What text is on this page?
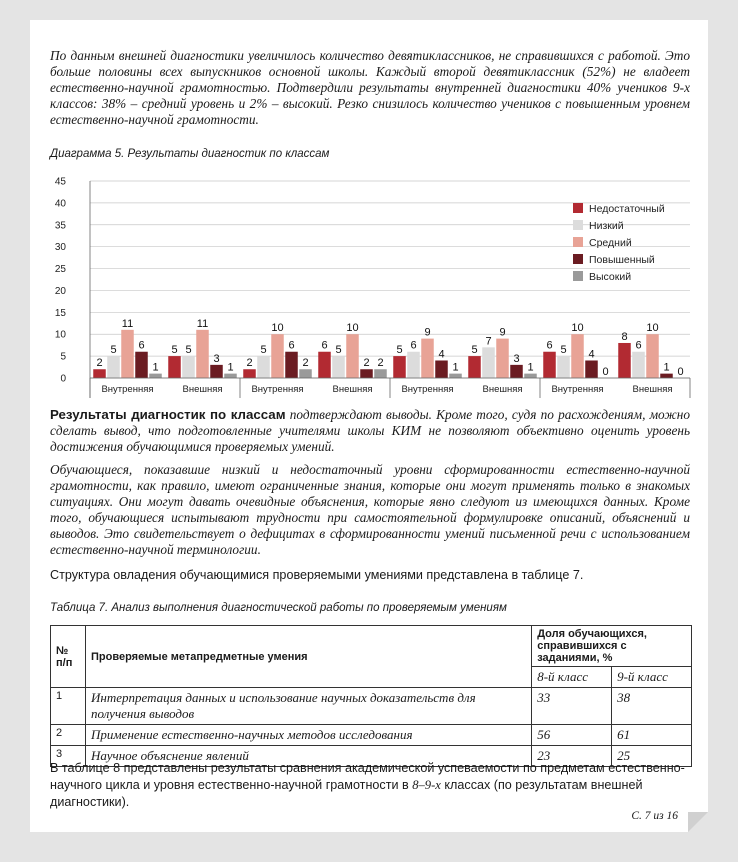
По данным внешней диагностики увеличилось количество девятиклассников, не справившихся с работой. Это больше половины всех выпускников основной школы. Каждый второй девятиклассник (52%) не владеет естественно-научной грамотностью. Подтвердили результаты внутренней диагностики 40% учеников 9-х классов: 38% – средний уровень и 2% – высокий. Резко снизилось количество учеников с повышенным уровнем естественно-научной грамотности.

Диаграмма 5. Результаты диагностик по классам

0
5
10
15
20
25
30
35
40
45
2
5
11
6
1
5 5
11
3
1 2
5
10
6
2
6 5
10
2 2
5 6
9
4
1
5
7
9
3
1
6 5
10
4
0
8
6
10
1 0
Внутренняя	Внешняя	Внутренняя	Внешняя	Внутренняя	Внешняя	Внутренняя	Внешняя
Недостаточный
Низкий
Средний
Повышенный
Высокий

Результаты диагностик по классам подтверждают выводы. Кроме того, судя по расхождениям, можно сделать вывод, что подготовленные учителями школы КИМ не позволяют объективно оценить уровень достижения обучающимися проверяемых умений.

Обучающиеся, показавшие низкий и недостаточный уровни сформированности естественно-научной грамотности, как правило, имеют ограниченные знания, которые они могут применять только в знакомых ситуациях. Они могут давать очевидные объяснения, которые явно следуют из имеющихся данных. Кроме того, обучающиеся испытывают трудности при самостоятельной формулировке описаний, объяснений и выводов. Это свидетельствует о дефицитах в сформированности умений письменной речи с использованием естественно-научной терминологии.

Структура овладения обучающимися проверяемыми умениями представлена в таблице 7.

Таблица 7. Анализ выполнения диагностической работы по проверяемым умениям

№ п/п	Проверяемые метапредметные умения	Доля обучающихся, справившихся с заданиями, %	
		8-й класс	9-й класс
1	Интерпретация данных и использование научных доказательств для получения выводов	33	38
2	Применение естественно-научных методов исследования	56	61
3	Научное объяснение явлений	23	25

В таблице 8 представлены результаты сравнения академической успеваемости по предметам естественно-научного цикла и уровня естественно-научной грамотности в 8–9-х классах (по результатам внешней диагностики).

С. 7 из 16
